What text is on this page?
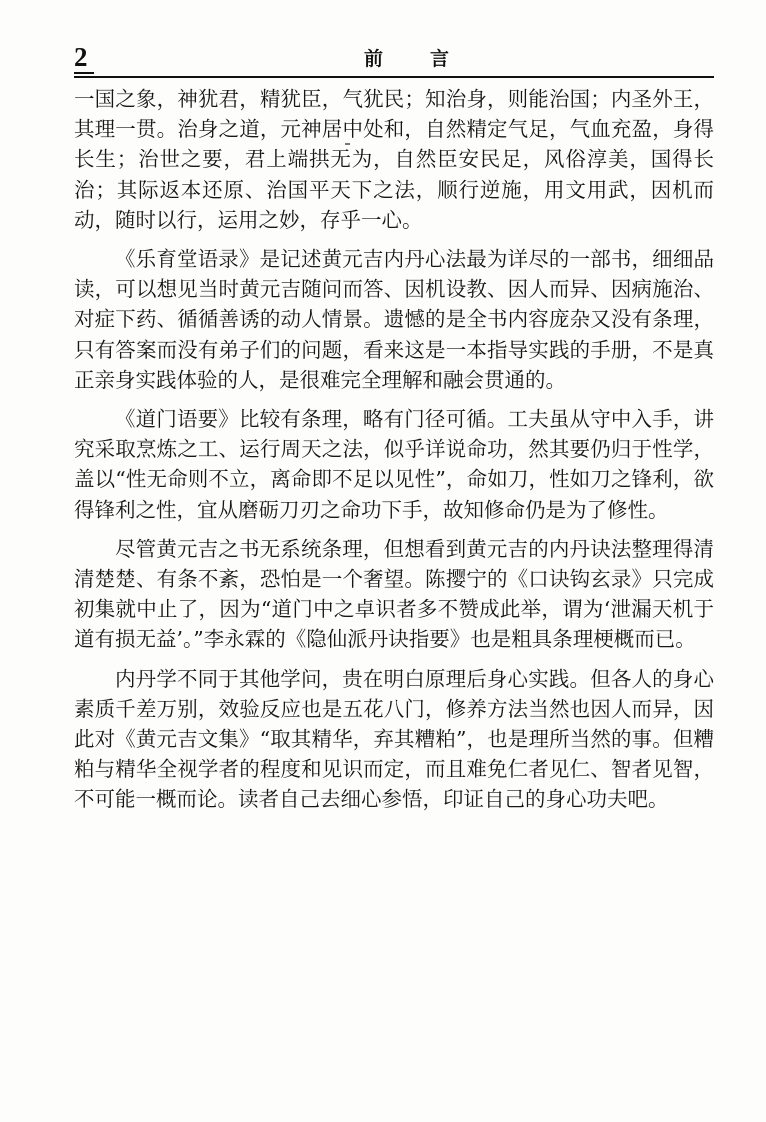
2	前　言

一国之象，神犹君，精犹臣，气犹民；知治身，则能治国；内圣外王，其理一贯。治身之道，元神居中处和，自然精定气足，气血充盈，身得长生；治世之要，君上端拱无为，自然臣安民足，风俗淳美，国得长治；其际返本还原、治国平天下之法，顺行逆施，用文用武，因机而动，随时以行，运用之妙，存乎一心。

《乐育堂语录》是记述黄元吉内丹心法最为详尽的一部书，细细品读，可以想见当时黄元吉随问而答、因机设教、因人而异、因病施治、对症下药、循循善诱的动人情景。遗憾的是全书内容庞杂又没有条理，只有答案而没有弟子们的问题，看来这是一本指导实践的手册，不是真正亲身实践体验的人，是很难完全理解和融会贯通的。

《道门语要》比较有条理，略有门径可循。工夫虽从守中入手，讲究采取烹炼之工、运行周天之法，似乎详说命功，然其要仍归于性学，盖以“性无命则不立，离命即不足以见性”，命如刀，性如刀之锋利，欲得锋利之性，宜从磨砺刀刃之命功下手，故知修命仍是为了修性。

尽管黄元吉之书无系统条理，但想看到黄元吉的内丹诀法整理得清清楚楚、有条不紊，恐怕是一个奢望。陈撄宁的《口诀钩玄录》只完成初集就中止了，因为“道门中之卓识者多不赞成此举，谓为‘泄漏天机于道有损无益’。”李永霖的《隐仙派丹诀指要》也是粗具条理梗概而已。

内丹学不同于其他学问，贵在明白原理后身心实践。但各人的身心素质千差万别，效验反应也是五花八门，修养方法当然也因人而异，因此对《黄元吉文集》“取其精华，弃其糟粕”，也是理所当然的事。但糟粕与精华全视学者的程度和见识而定，而且难免仁者见仁、智者见智，不可能一概而论。读者自己去细心参悟，印证自己的身心功夫吧。
